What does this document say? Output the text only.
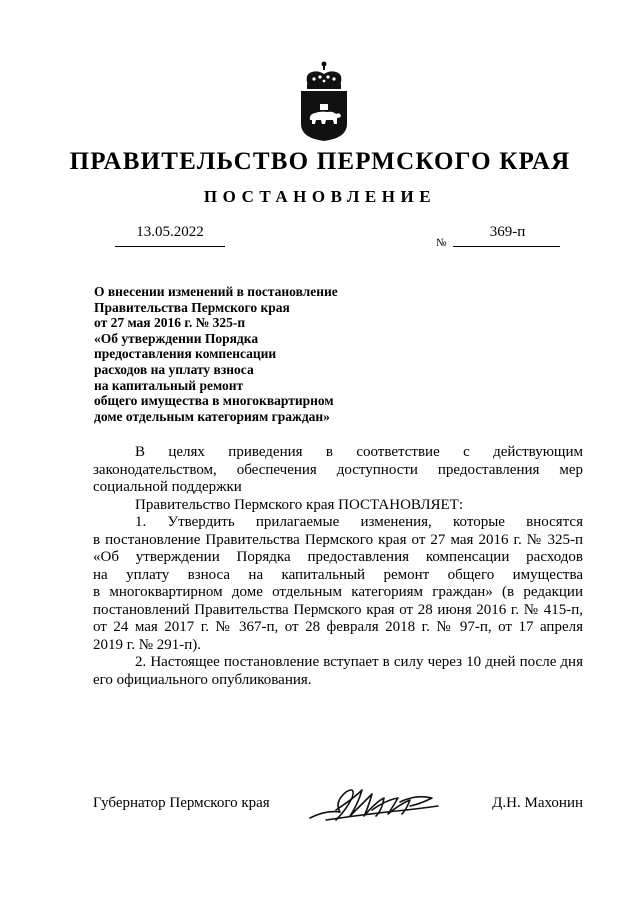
ПРАВИТЕЛЬСТВО ПЕРМСКОГО КРАЯ
ПОСТАНОВЛЕНИЕ
13.05.2022
№
369-п
О внесении изменений в постановление
Правительства Пермского края
от 27 мая 2016 г. № 325-п
«Об утверждении Порядка
предоставления компенсации
расходов на уплату взноса
на капитальный ремонт
общего имущества в многоквартирном
доме отдельным категориям граждан»
В целях приведения в соответствие с действующим
законодательством, обеспечения доступности предоставления мер
социальной поддержки
Правительство Пермского края ПОСТАНОВЛЯЕТ:
1. Утвердить прилагаемые изменения, которые вносятся
в постановление Правительства Пермского края от 27 мая 2016 г. № 325-п
«Об утверждении Порядка предоставления компенсации расходов
на уплату взноса на капитальный ремонт общего имущества
в многоквартирном доме отдельным категориям граждан» (в редакции
постановлений Правительства Пермского края от 28 июня 2016 г. № 415-п,
от 24 мая 2017 г. № 367-п, от 28 февраля 2018 г. № 97-п, от 17 апреля
2019 г. № 291-п).
2. Настоящее постановление вступает в силу через 10 дней после дня
его официального опубликования.
Губернатор Пермского края	Д.Н. Махонин
